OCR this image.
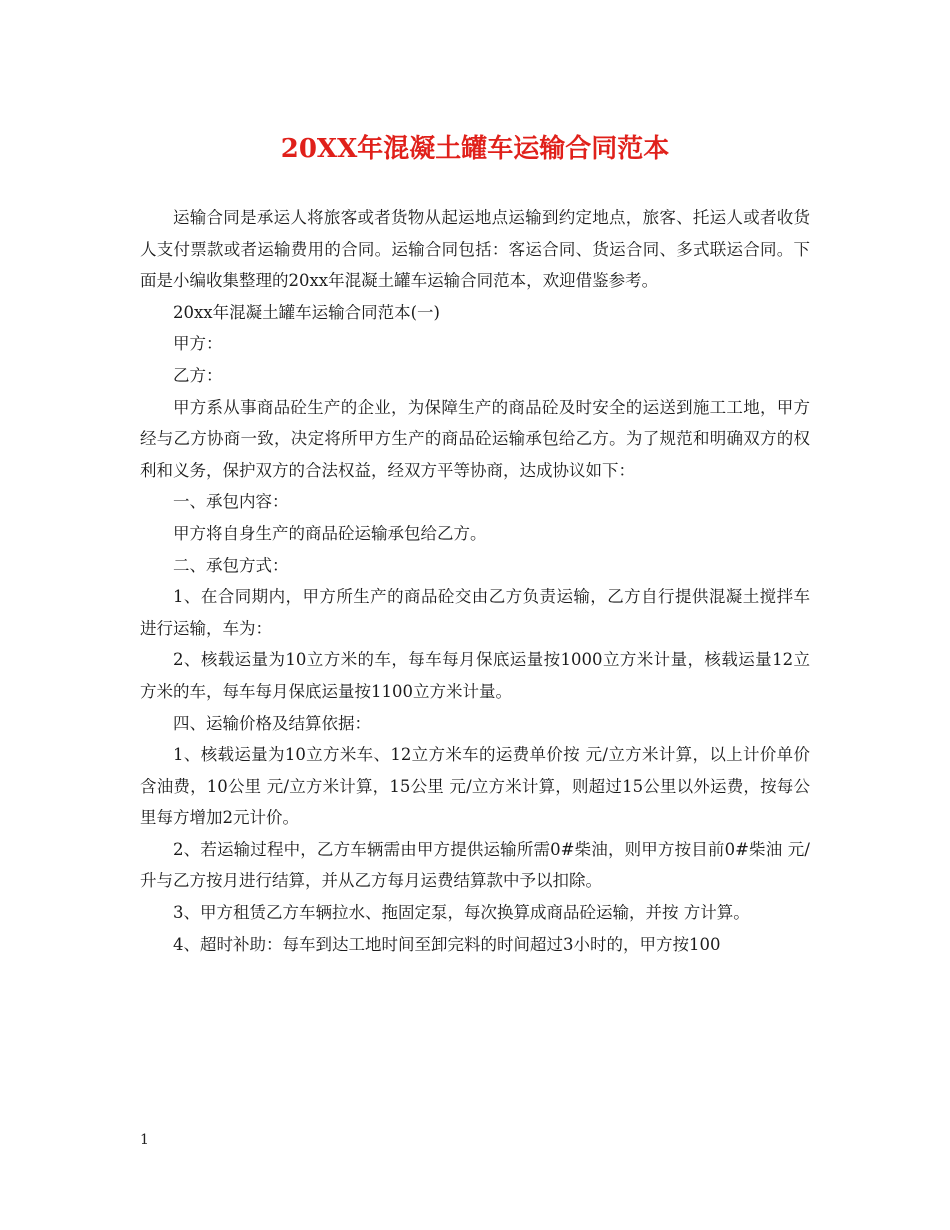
20XX年混凝土罐车运输合同范本

运输合同是承运人将旅客或者货物从起运地点运输到约定地点，旅客、托运人或者收货人支付票款或者运输费用的合同。运输合同包括：客运合同、货运合同、多式联运合同。下面是小编收集整理的20xx年混凝土罐车运输合同范本，欢迎借鉴参考。

20xx年混凝土罐车运输合同范本(一)

甲方：

乙方：

甲方系从事商品砼生产的企业，为保障生产的商品砼及时安全的运送到施工工地，甲方经与乙方协商一致，决定将所甲方生产的商品砼运输承包给乙方。为了规范和明确双方的权利和义务，保护双方的合法权益，经双方平等协商，达成协议如下：

一、承包内容：

甲方将自身生产的商品砼运输承包给乙方。

二、承包方式：

1、在合同期内，甲方所生产的商品砼交由乙方负责运输，乙方自行提供混凝土搅拌车进行运输，车为：

2、核载运量为10立方米的车，每车每月保底运量按1000立方米计量，核载运量12立方米的车，每车每月保底运量按1100立方米计量。

四、运输价格及结算依据：

1、核载运量为10立方米车、12立方米车的运费单价按 元/立方米计算，以上计价单价含油费，10公里 元/立方米计算，15公里 元/立方米计算，则超过15公里以外运费，按每公里每方增加2元计价。

2、若运输过程中，乙方车辆需由甲方提供运输所需0#柴油，则甲方按目前0#柴油 元/升与乙方按月进行结算，并从乙方每月运费结算款中予以扣除。

3、甲方租赁乙方车辆拉水、拖固定泵，每次换算成商品砼运输，并按 方计算。

4、超时补助：每车到达工地时间至卸完料的时间超过3小时的，甲方按100

1
